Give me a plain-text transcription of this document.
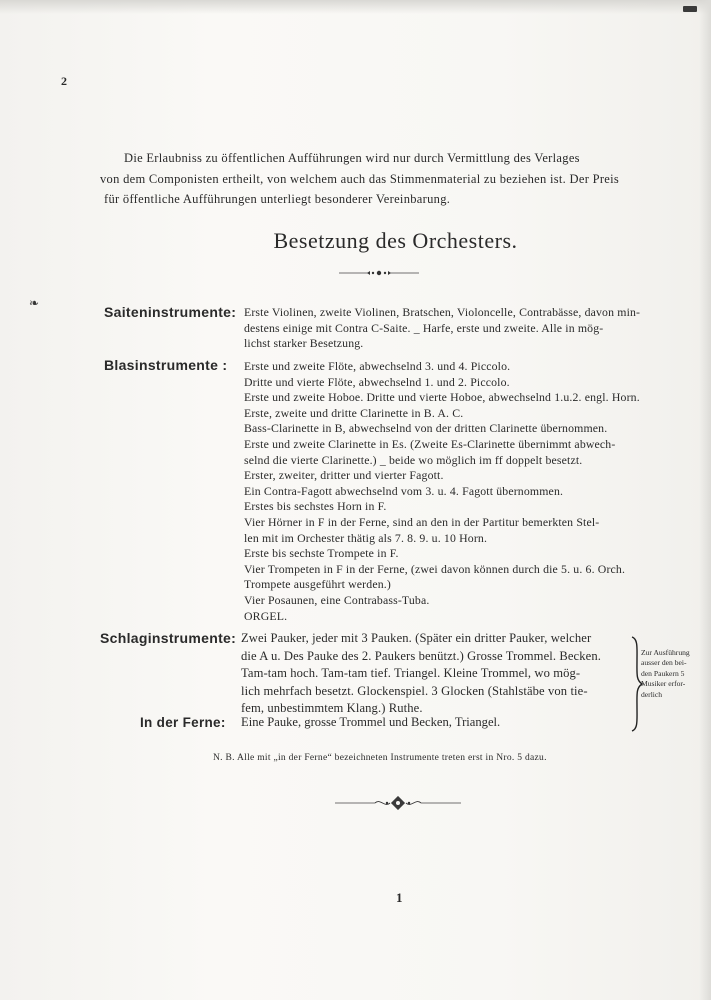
2
❧
Die Erlaubniss zu öffentlichen Aufführungen wird nur durch Vermittlung des Verlages
von dem Componisten ertheilt, von welchem auch das Stimmenmaterial zu beziehen ist. Der Preis
für öffentliche Aufführungen unterliegt besonderer Vereinbarung.
Besetzung des Orchesters.
Saiteninstrumente: Erste Violinen, zweite Violinen, Bratschen, Violoncelle, Contrabässe, davon min-
destens einige mit Contra C-Saite. _ Harfe, erste und zweite. Alle in mög-
lichst starker Besetzung.
Blasinstrumente : Erste und zweite Flöte, abwechselnd 3. und 4. Piccolo.
Dritte und vierte Flöte, abwechselnd 1. und 2. Piccolo.
Erste und zweite Hoboe. Dritte und vierte Hoboe, abwechselnd 1.u.2. engl. Horn.
Erste, zweite und dritte Clarinette in B. A. C.
Bass-Clarinette in B, abwechselnd von der dritten Clarinette übernommen.
Erste und zweite Clarinette in Es. (Zweite Es-Clarinette übernimmt abwech-
selnd die vierte Clarinette.) _ beide wo möglich im ff doppelt besetzt.
Erster, zweiter, dritter und vierter Fagott.
Ein Contra-Fagott abwechselnd vom 3. u. 4. Fagott übernommen.
Erstes bis sechstes Horn in F.
Vier Hörner in F in der Ferne, sind an den in der Partitur bemerkten Stel-
len mit im Orchester thätig als 7. 8. 9. u. 10 Horn.
Erste bis sechste Trompete in F.
Vier Trompeten in F in der Ferne, (zwei davon können durch die 5. u. 6. Orch.
Trompete ausgeführt werden.)
Vier Posaunen, eine Contrabass-Tuba.
ORGEL.
Schlaginstrumente: Zwei Pauker, jeder mit 3 Pauken. (Später ein dritter Pauker, welcher
die A u. Des Pauke des 2. Paukers benützt.) Grosse Trommel. Becken.
Tam-tam hoch. Tam-tam tief. Triangel. Kleine Trommel, wo mög-
lich mehrfach besetzt. Glockenspiel. 3 Glocken (Stahlstäbe von tie-
fem, unbestimmtem Klang.) Ruthe.
Zur Ausführung
ausser den bei-
den Paukern 5
Musiker erfor-
derlich
In der Ferne: Eine Pauke, grosse Trommel und Becken, Triangel.
N. B. Alle mit „in der Ferne“ bezeichneten Instrumente treten erst in Nro. 5 dazu.
1
